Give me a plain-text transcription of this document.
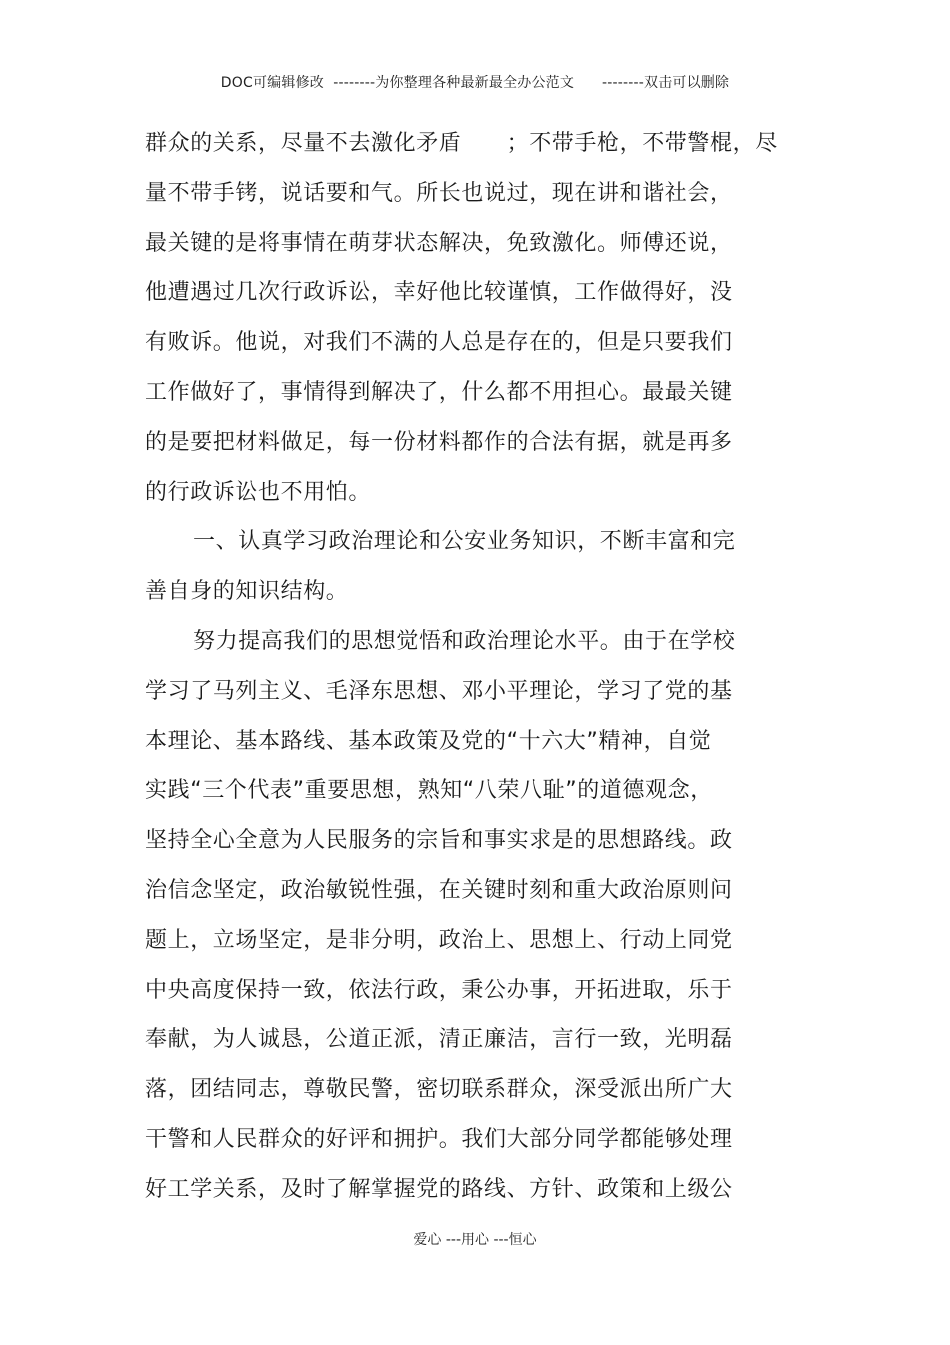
DOC可编辑修改  --------为你整理各种最新最全办公范文      --------双击可以删除
群众的关系，尽量不去激化矛盾　　；不带手枪，不带警棍，尽
量不带手铐，说话要和气。所长也说过，现在讲和谐社会，
最关键的是将事情在萌芽状态解决，免致激化。师傅还说，
他遭遇过几次行政诉讼，幸好他比较谨慎，工作做得好，没
有败诉。他说，对我们不满的人总是存在的，但是只要我们
工作做好了，事情得到解决了，什么都不用担心。最最关键
的是要把材料做足，每一份材料都作的合法有据，就是再多
的行政诉讼也不用怕。
一、认真学习政治理论和公安业务知识，不断丰富和完
善自身的知识结构。
努力提高我们的思想觉悟和政治理论水平。由于在学校
学习了马列主义、毛泽东思想、邓小平理论，学习了党的基
本理论、基本路线、基本政策及党的“十六大”精神，自觉
实践“三个代表”重要思想，熟知“八荣八耻”的道德观念，
坚持全心全意为人民服务的宗旨和事实求是的思想路线。政
治信念坚定，政治敏锐性强，在关键时刻和重大政治原则问
题上，立场坚定，是非分明，政治上、思想上、行动上同党
中央高度保持一致，依法行政，秉公办事，开拓进取，乐于
奉献，为人诚恳，公道正派，清正廉洁，言行一致，光明磊
落，团结同志，尊敬民警，密切联系群众，深受派出所广大
干警和人民群众的好评和拥护。我们大部分同学都能够处理
好工学关系，及时了解掌握党的路线、方针、政策和上级公
爱心 ---用心 ---恒心
